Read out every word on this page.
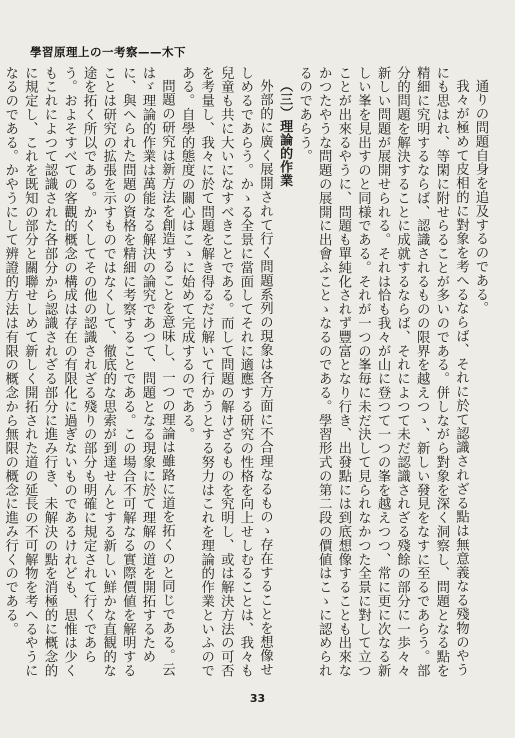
學習原理上の一考察——木下

通りの問題自身を追及するのである。

我々が極めて皮相的に對象を考へるならば、それに於て認識されざる點は無意義なる殘物のやうにも思はれ、等閑に附せらることが多いのである。併しながら對象を深く洞察し、問題となる點を精細に究明するならば、認識されるものの限界を越えつゝ、新しい發見をなすに至るであらう。部分的問題を解決することに成就するならば、それによつて未だ認識されざる殘餘の部分に一歩々々新しい問題が展開せられる。それは恰も我々が山に登つて一つの峯を越えつつ、常に更に次なる新しい峯を見出すのと同様である。それが一つの峯毎に未だ決して見られなかつた全景に對して立つことが出來るやうに、問題も單純化されず豐富となり行き、出發點には到底想像することも出來なかつたやうな問題の展開に出會ふことゝなるのである。學習形式の第二段の價値はこゝに認められるのであらう。

（三）理論的作業

外部的に廣く展開されて行く問題系列の現象は各方面に不合理なるものゝ存在することを想像せしめるであらう。かゝる全景に當面してそれに適應する研究の性格を向上せしむることは、我々も兒童も共に大いになすべきことである。而して問題の解けざるものを究明し、或は解決方法の可否を考量し、我々に於て問題を解き得るだけ解いて行かうとする努力はこれを理論的作業といふのである。自學的態度の關心はこゝに始めて完成するのである。

問題の研究は新方法を創造することを意味し、一つの理論は雖路に道を拓くのと同じである。云はゞ理論的作業は萬能なる解決の論究であつて、問題となる現象に於て理解の道を開拓するために、與へられた問題の資格を精細に考察することである。この場合不可解なる實際價値を解明することは研究の拡張を示すものではなくして、徹底的な思索が到達せんとする新しい鮮かな直観的な途を拓く所以である。かくしてその他の認識されざる殘りの部分も明確に規定されて行くであらう。およそすべての客觀的概念の構成は存在の有限化に過ぎないものであるけれども、思惟は少くもこれによつて認識された各部分から認識されざる部分に進み行き、未解決の點を消極的に概念的に規定し、これを既知の部分と關聯せしめて新しく開拓された道の延長の不可解物を考へるやうになるのである。かやうにして辨證的方法は有限の概念から無限の概念に進み行くのである。

33
